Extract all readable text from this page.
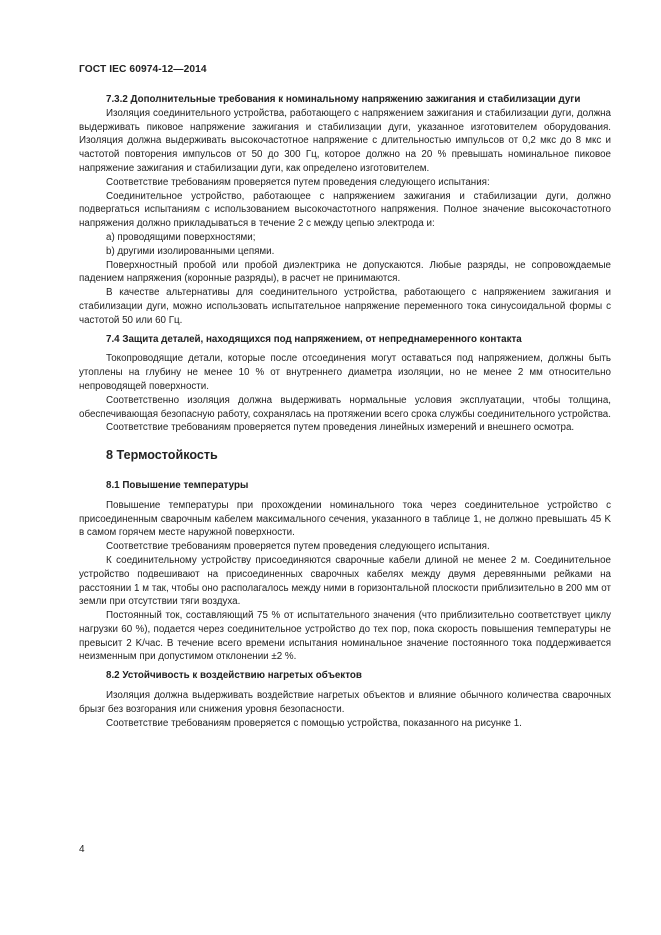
ГОСТ IEC 60974-12—2014

7.3.2 Дополнительные требования к номинальному напряжению зажигания и стабилизации дуги

Изоляция соединительного устройства, работающего с напряжением зажигания и стабилизации дуги, должна выдерживать пиковое напряжение зажигания и стабилизации дуги, указанное изготовителем оборудования. Изоляция должна выдерживать высокочастотное напряжение с длительностью импульсов от 0,2 мкс до 8 мкс и частотой повторения импульсов от 50 до 300 Гц, которое должно на 20 % превышать номинальное пиковое напряжение зажигания и стабилизации дуги, как определено изготовителем.

Соответствие требованиям проверяется путем проведения следующего испытания:

Соединительное устройство, работающее с напряжением зажигания и стабилизации дуги, должно подвергаться испытаниям с использованием высокочастотного напряжения. Полное значение высокочастотного напряжения должно прикладываться в течение 2 с между цепью электрода и:

а) проводящими поверхностями;

b) другими изолированными цепями.

Поверхностный пробой или пробой диэлектрика не допускаются. Любые разряды, не сопровождаемые падением напряжения (коронные разряды), в расчет не принимаются.

В качестве альтернативы для соединительного устройства, работающего с напряжением зажигания и стабилизации дуги, можно использовать испытательное напряжение переменного тока синусоидальной формы с частотой 50 или 60 Гц.

7.4 Защита деталей, находящихся под напряжением, от непреднамеренного контакта

Токопроводящие детали, которые после отсоединения могут оставаться под напряжением, должны быть утоплены на глубину не менее 10 % от внутреннего диаметра изоляции, но не менее 2 мм относительно непроводящей поверхности.

Соответственно изоляция должна выдерживать нормальные условия эксплуатации, чтобы толщина, обеспечивающая безопасную работу, сохранялась на протяжении всего срока службы соединительного устройства.

Соответствие требованиям проверяется путем проведения линейных измерений и внешнего осмотра.

8 Термостойкость

8.1 Повышение температуры

Повышение температуры при прохождении номинального тока через соединительное устройство с присоединенным сварочным кабелем максимального сечения, указанного в таблице 1, не должно превышать 45 K в самом горячем месте наружной поверхности.

Соответствие требованиям проверяется путем проведения следующего испытания.

К соединительному устройству присоединяются сварочные кабели длиной не менее 2 м. Соединительное устройство подвешивают на присоединенных сварочных кабелях между двумя деревянными рейками на расстоянии 1 м так, чтобы оно располагалось между ними в горизонтальной плоскости приблизительно в 200 мм от земли при отсутствии тяги воздуха.

Постоянный ток, составляющий 75 % от испытательного значения (что приблизительно соответствует циклу нагрузки 60 %), подается через соединительное устройство до тех пор, пока скорость повышения температуры не превысит 2 K/час. В течение всего времени испытания номинальное значение постоянного тока поддерживается неизменным при допустимом отклонении ±2 %.

8.2 Устойчивость к воздействию нагретых объектов

Изоляция должна выдерживать воздействие нагретых объектов и влияние обычного количества сварочных брызг без возгорания или снижения уровня безопасности.

Соответствие требованиям проверяется с помощью устройства, показанного на рисунке 1.

4
